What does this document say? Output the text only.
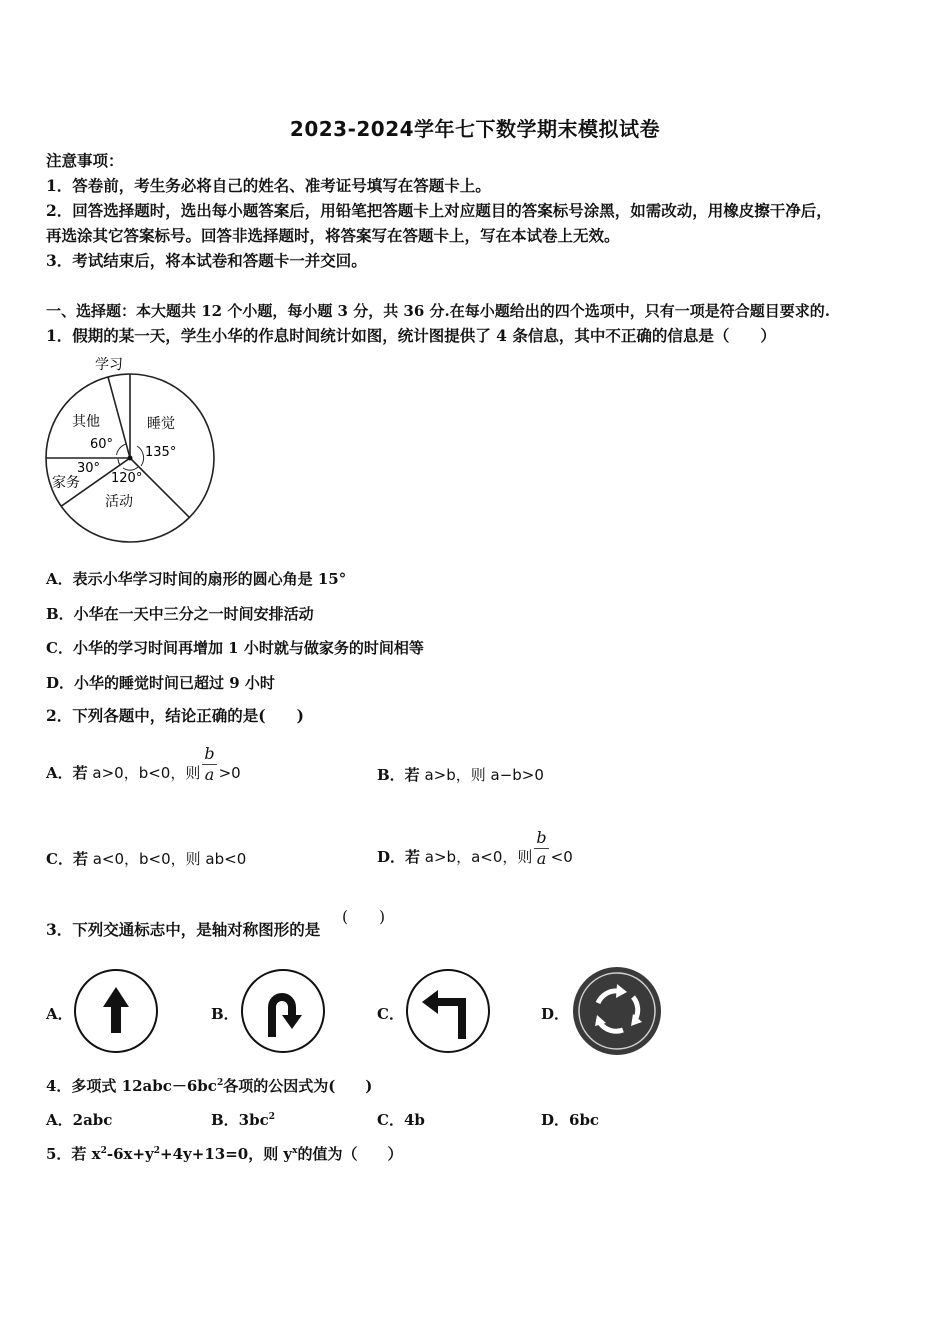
2023-2024学年七下数学期末模拟试卷
注意事项：
1．答卷前，考生务必将自己的姓名、准考证号填写在答题卡上。
2．回答选择题时，选出每小题答案后，用铅笔把答题卡上对应题目的答案标号涂黑，如需改动，用橡皮擦干净后，
再选涂其它答案标号。回答非选择题时，将答案写在答题卡上，写在本试卷上无效。
3．考试结束后，将本试卷和答题卡一并交回。
一、选择题：本大题共 12 个小题，每小题 3 分，共 36 分.在每小题给出的四个选项中，只有一项是符合题目要求的.
1．假期的某一天，学生小华的作息时间统计如图，统计图提供了 4 条信息，其中不正确的信息是（　　）
学习
其他	睡觉
家务
活动
60°
135°
30°
120°
A．表示小华学习时间的扇形的圆心角是 15°
B．小华在一天中三分之一时间安排活动
C．小华的学习时间再增加 1 小时就与做家务的时间相等
D．小华的睡觉时间已超过 9 小时
2．下列各题中，结论正确的是(　　)
A．若 a>0，b<0，则 $\frac{b}{a} >0$	B．若 a>b，则 a−b>0
C．若 a<0，b<0，则 ab<0	D．若 a>b，a<0，则 $\frac{b}{a} <0$
3．下列交通标志中，是轴对称图形的是
(　　)
A．	B．	C．	D．
4．多项式 $12abc-6bc^2$各项的公因式为(　　)
A．2abc	B．$3bc^2$	C．4b	D．6bc
5．若 $x^2-6x+y^2+4y+13=0$，则 $y^x$的值为（　　）
